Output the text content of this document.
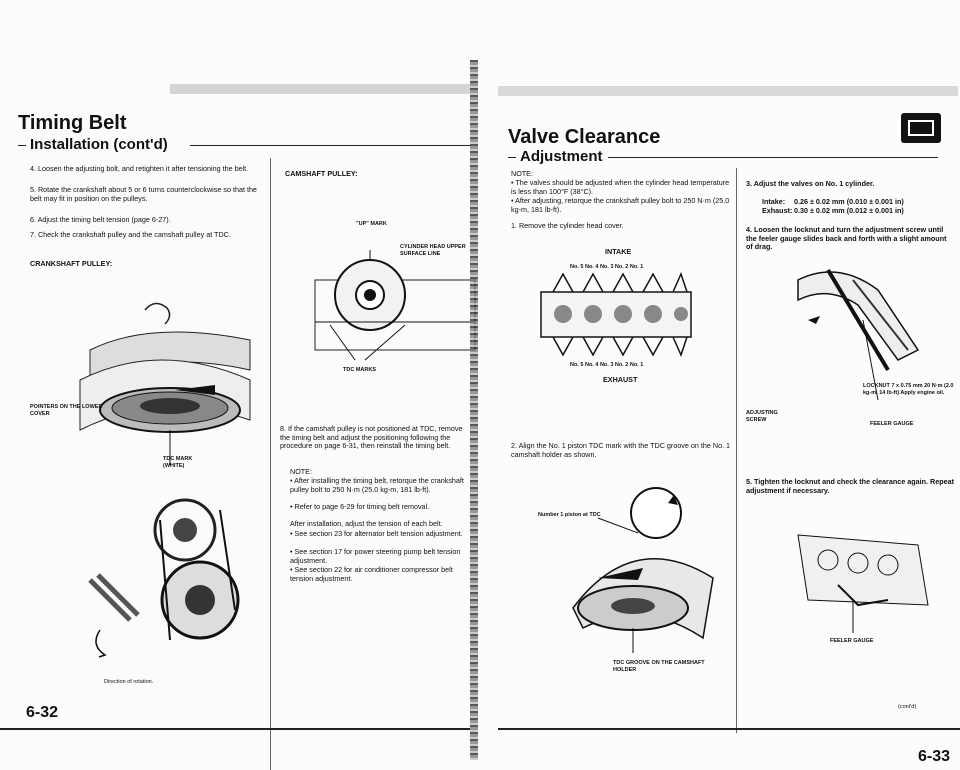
Timing Belt
Installation (cont'd)
4. Loosen the adjusting bolt, and retighten it after tensioning the belt.
5. Rotate the crankshaft about 5 or 6 turns counterclockwise so that the belt may fit in position on the pulleys.
6. Adjust the timing belt tension (page 6-27).
7. Check the crankshaft pulley and the camshaft pulley at TDC.
CRANKSHAFT PULLEY:
POINTERS ON THE LOWER COVER
TDC MARK (WHITE)
Direction of rotation.
CAMSHAFT PULLEY:
"UP" MARK
CYLINDER HEAD UPPER SURFACE LINE
TDC MARKS
8. If the camshaft pulley is not positioned at TDC, remove the timing belt and adjust the positioning following the procedure on page 6-31, then reinstall the timing belt.
NOTE:
• After installing the timing belt, retorque the crankshaft pulley bolt to 250 N·m (25.0 kg-m, 181 lb-ft).
• Refer to page 6-29 for timing belt removal.
After installation, adjust the tension of each belt.
• See section 23 for alternator belt tension adjustment.
• See section 17 for power steering pump belt tension adjustment.
• See section 22 for air conditioner compressor belt tension adjustment.
6-32
Valve Clearance
Adjustment
NOTE:
• The valves should be adjusted when the cylinder head temperature is less than 100°F (38°C).
• After adjusting, retorque the crankshaft pulley bolt to 250 N·m (25.0 kg-m, 181 lb-ft).
1. Remove the cylinder head cover.
INTAKE
No. 5 No. 4 No. 3 No. 2 No. 1
No. 5 No. 4 No. 3 No. 2 No. 1
EXHAUST
2. Align the No. 1 piston TDC mark with the TDC groove on the No. 1 camshaft holder as shown.
Number 1 piston at TDC
TDC GROOVE ON THE CAMSHAFT HOLDER
3. Adjust the valves on No. 1 cylinder.
Intake: 0.26 ± 0.02 mm (0.010 ± 0.001 in)
Exhaust: 0.30 ± 0.02 mm (0.012 ± 0.001 in)
4. Loosen the locknut and turn the adjustment screw until the feeler gauge slides back and forth with a slight amount of drag.
LOCKNUT 7 x 0.75 mm 20 N·m (2.0 kg-m, 14 lb-ft) Apply engine oil.
ADJUSTING SCREW
FEELER GAUGE
5. Tighten the locknut and check the clearance again. Repeat adjustment if necessary.
FEELER GAUGE
(cont'd)
6-33
